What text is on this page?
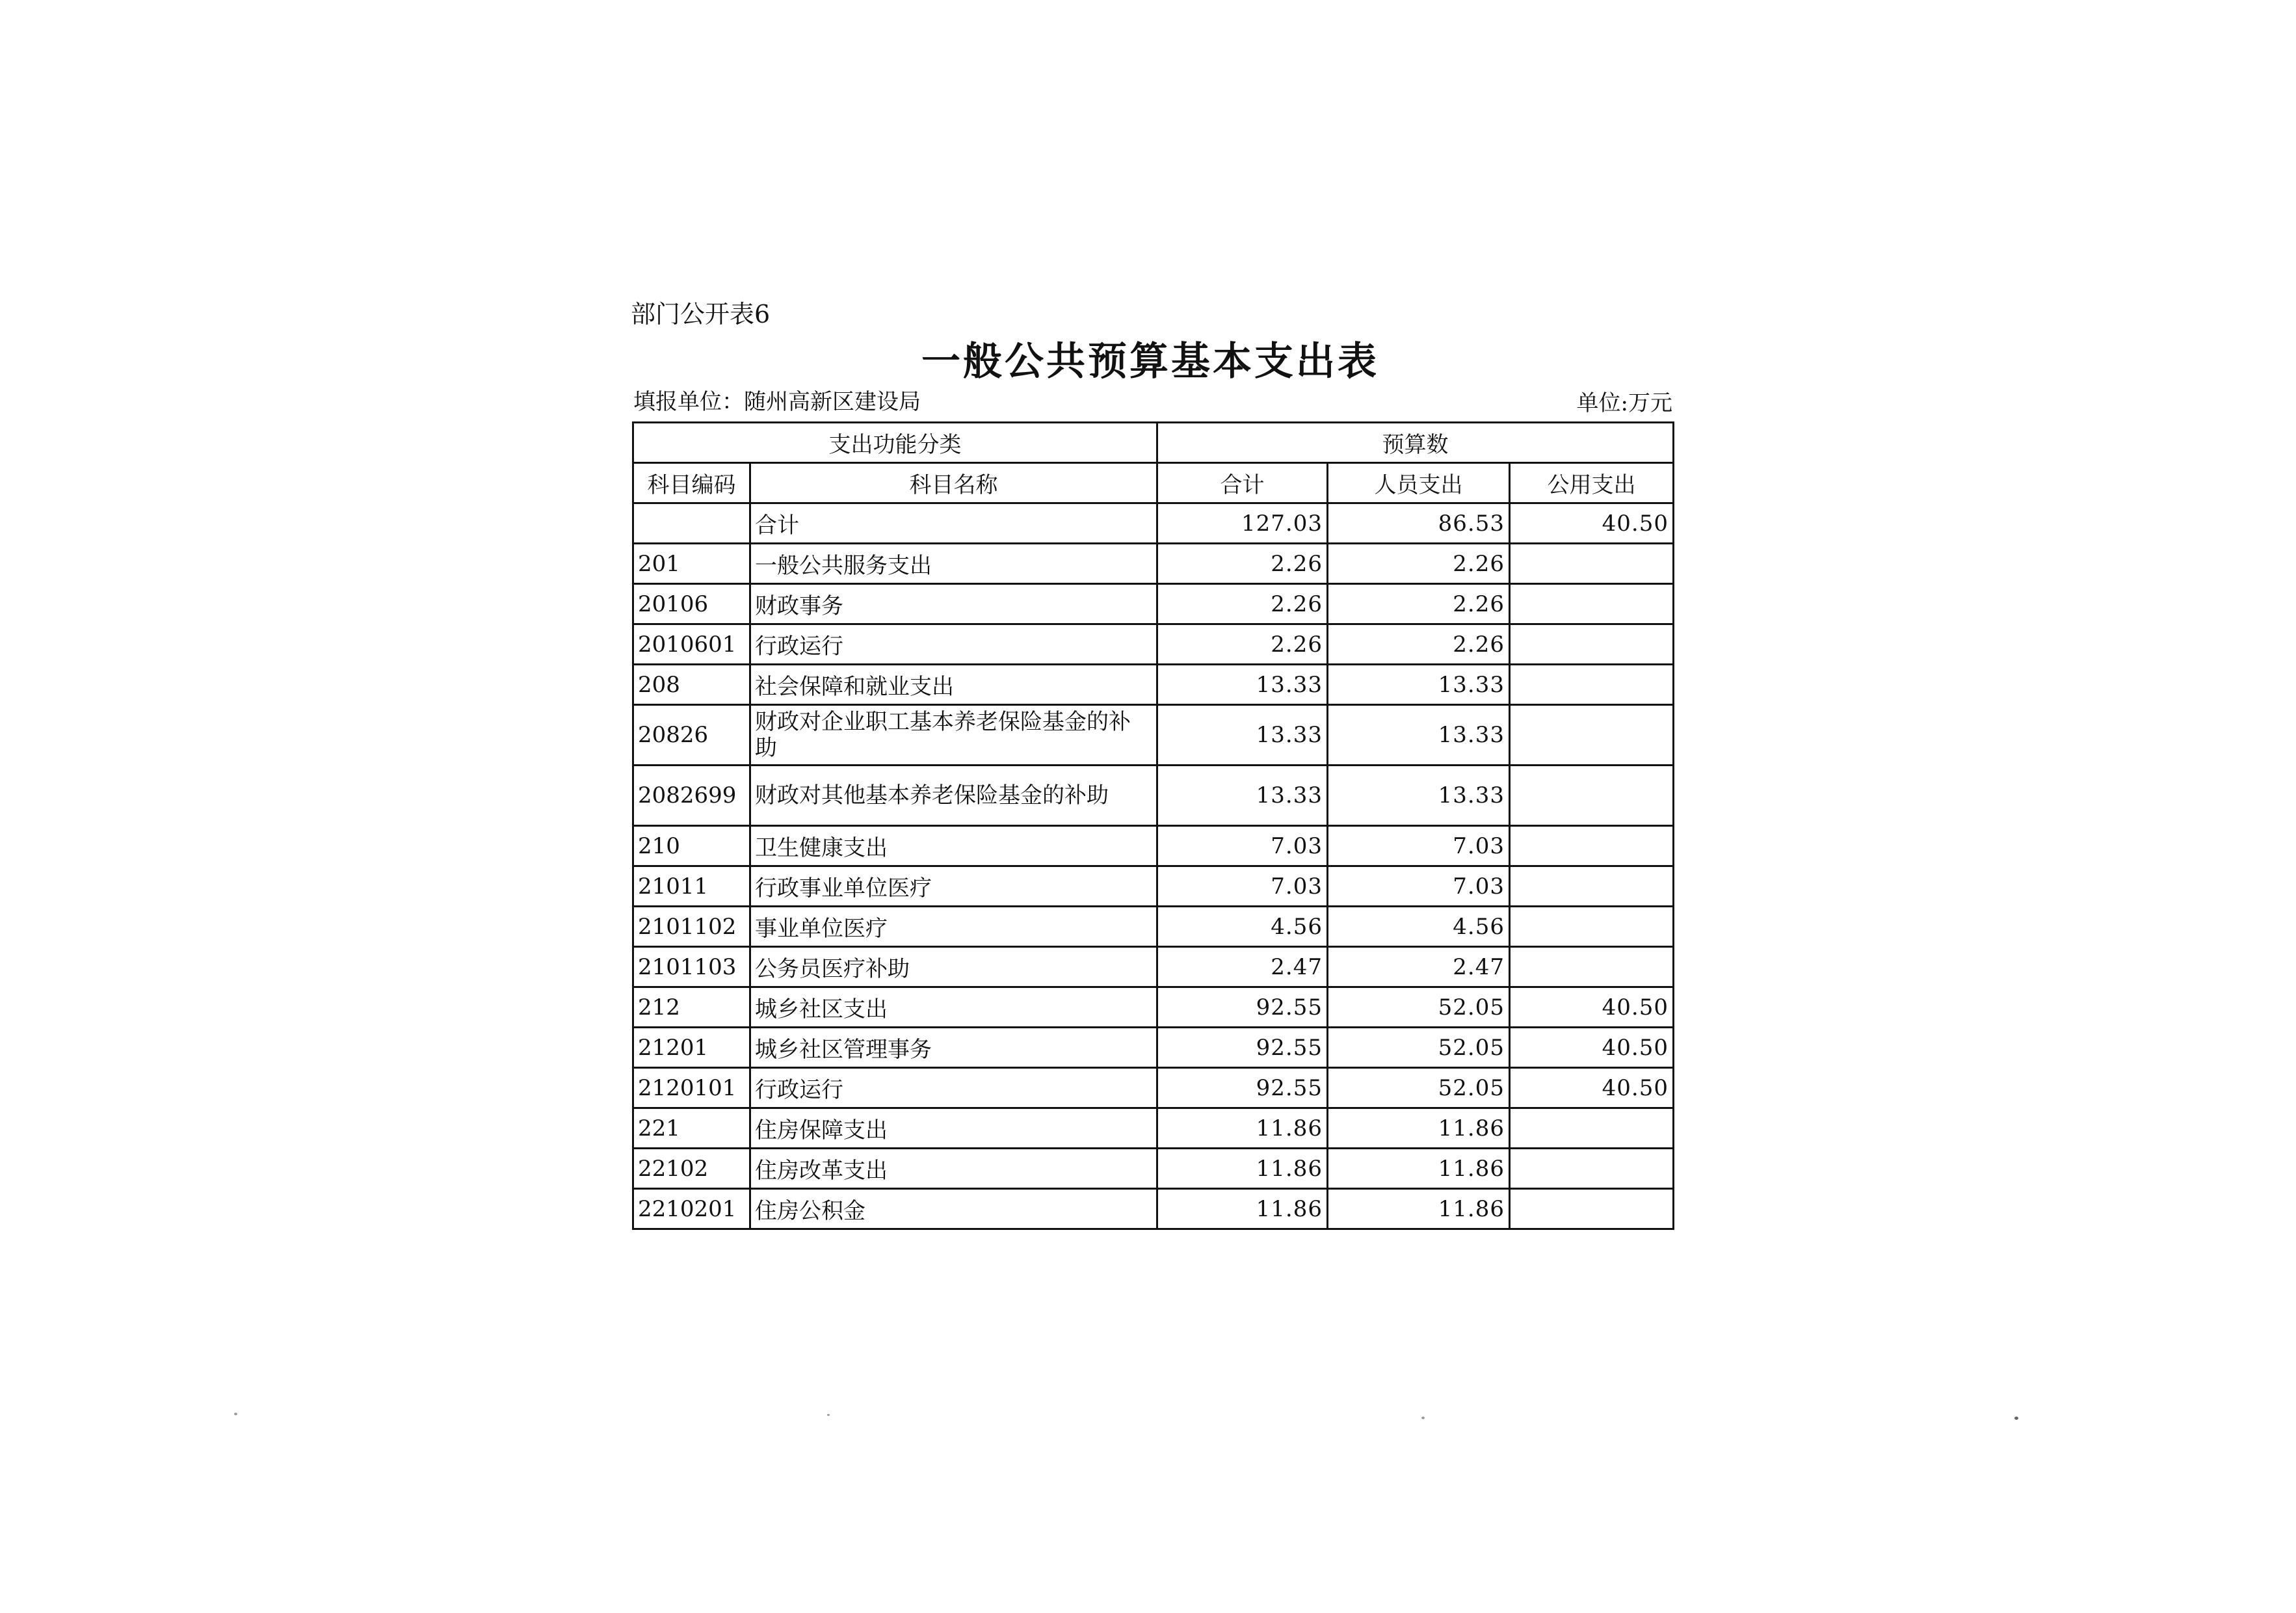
部门公开表6
一般公共预算基本支出表
填报单位：随州高新区建设局	单位:万元
支出功能分类		预算数		
科目编码	科目名称	合计	人员支出	公用支出
	合计	127.03	86.53	40.50
201	一般公共服务支出	2.26	2.26	
20106	财政事务	2.26	2.26	
2010601	行政运行	2.26	2.26	
208	社会保障和就业支出	13.33	13.33	
20826	财政对企业职工基本养老保险基金的补助	13.33	13.33	
2082699	财政对其他基本养老保险基金的补助	13.33	13.33	
210	卫生健康支出	7.03	7.03	
21011	行政事业单位医疗	7.03	7.03	
2101102	事业单位医疗	4.56	4.56	
2101103	公务员医疗补助	2.47	2.47	
212	城乡社区支出	92.55	52.05	40.50
21201	城乡社区管理事务	92.55	52.05	40.50
2120101	行政运行	92.55	52.05	40.50
221	住房保障支出	11.86	11.86	
22102	住房改革支出	11.86	11.86	
2210201	住房公积金	11.86	11.86	
